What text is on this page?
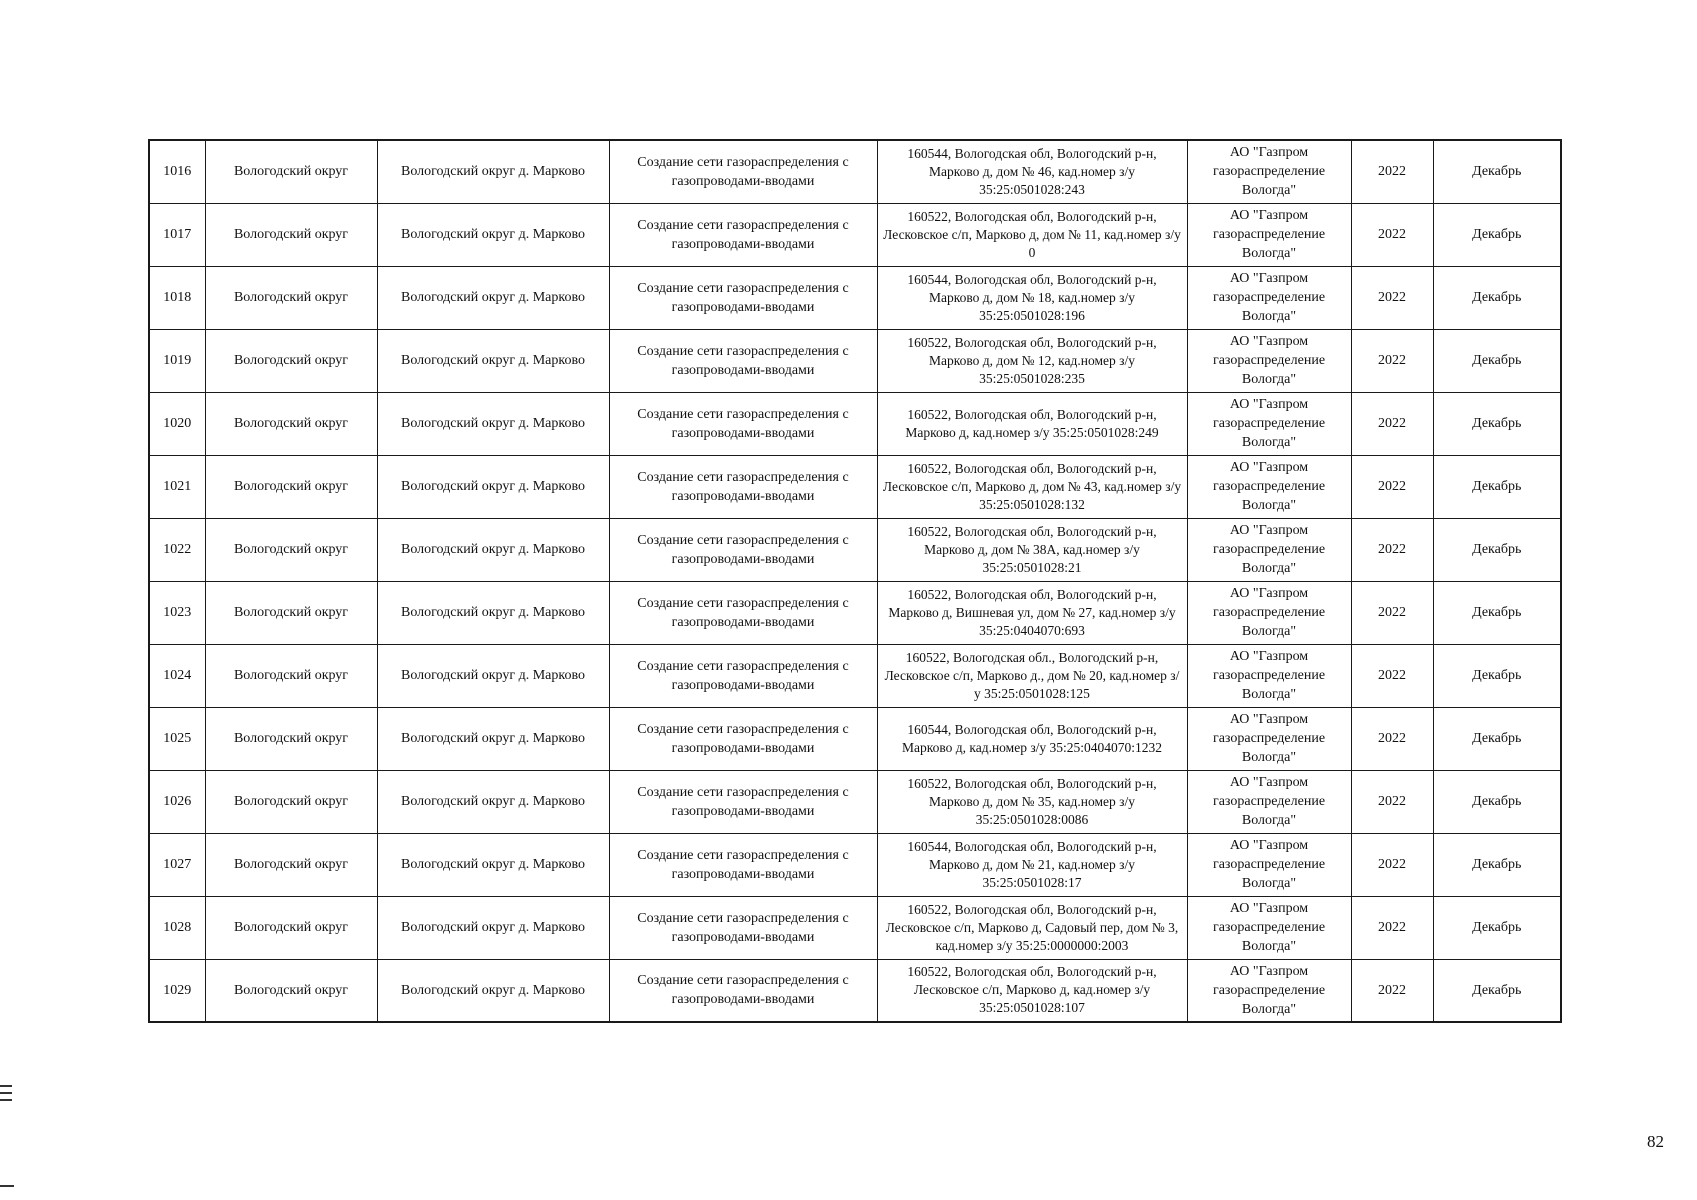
1016	Вологодский округ	Вологодский округ д. Марково	Создание сети газораспределения с газопроводами-вводами	160544, Вологодская обл, Вологодский р-н, Марково д, дом № 46, кад.номер з/у 35:25:0501028:243	АО "Газпром газораспределение Вологда"	2022	Декабрь
1017	Вологодский округ	Вологодский округ д. Марково	Создание сети газораспределения с газопроводами-вводами	160522, Вологодская обл, Вологодский р-н, Лесковское с/п, Марково д, дом № 11, кад.номер з/у 0	АО "Газпром газораспределение Вологда"	2022	Декабрь
1018	Вологодский округ	Вологодский округ д. Марково	Создание сети газораспределения с газопроводами-вводами	160544, Вологодская обл, Вологодский р-н, Марково д, дом № 18, кад.номер з/у 35:25:0501028:196	АО "Газпром газораспределение Вологда"	2022	Декабрь
1019	Вологодский округ	Вологодский округ д. Марково	Создание сети газораспределения с газопроводами-вводами	160522, Вологодская обл, Вологодский р-н, Марково д, дом № 12, кад.номер з/у 35:25:0501028:235	АО "Газпром газораспределение Вологда"	2022	Декабрь
1020	Вологодский округ	Вологодский округ д. Марково	Создание сети газораспределения с газопроводами-вводами	160522, Вологодская обл, Вологодский р-н, Марково д, кад.номер з/у 35:25:0501028:249	АО "Газпром газораспределение Вологда"	2022	Декабрь
1021	Вологодский округ	Вологодский округ д. Марково	Создание сети газораспределения с газопроводами-вводами	160522, Вологодская обл, Вологодский р-н, Лесковское с/п, Марково д, дом № 43, кад.номер з/у 35:25:0501028:132	АО "Газпром газораспределение Вологда"	2022	Декабрь
1022	Вологодский округ	Вологодский округ д. Марково	Создание сети газораспределения с газопроводами-вводами	160522, Вологодская обл, Вологодский р-н, Марково д, дом № 38А, кад.номер з/у 35:25:0501028:21	АО "Газпром газораспределение Вологда"	2022	Декабрь
1023	Вологодский округ	Вологодский округ д. Марково	Создание сети газораспределения с газопроводами-вводами	160522, Вологодская обл, Вологодский р-н, Марково д, Вишневая ул, дом № 27, кад.номер з/у 35:25:0404070:693	АО "Газпром газораспределение Вологда"	2022	Декабрь
1024	Вологодский округ	Вологодский округ д. Марково	Создание сети газораспределения с газопроводами-вводами	160522, Вологодская обл., Вологодский р-н, Лесковское с/п, Марково д., дом № 20, кад.номер з/у 35:25:0501028:125	АО "Газпром газораспределение Вологда"	2022	Декабрь
1025	Вологодский округ	Вологодский округ д. Марково	Создание сети газораспределения с газопроводами-вводами	160544, Вологодская обл, Вологодский р-н, Марково д, кад.номер з/у 35:25:0404070:1232	АО "Газпром газораспределение Вологда"	2022	Декабрь
1026	Вологодский округ	Вологодский округ д. Марково	Создание сети газораспределения с газопроводами-вводами	160522, Вологодская обл, Вологодский р-н, Марково д, дом № 35, кад.номер з/у 35:25:0501028:0086	АО "Газпром газораспределение Вологда"	2022	Декабрь
1027	Вологодский округ	Вологодский округ д. Марково	Создание сети газораспределения с газопроводами-вводами	160544, Вологодская обл, Вологодский р-н, Марково д, дом № 21, кад.номер з/у 35:25:0501028:17	АО "Газпром газораспределение Вологда"	2022	Декабрь
1028	Вологодский округ	Вологодский округ д. Марково	Создание сети газораспределения с газопроводами-вводами	160522, Вологодская обл, Вологодский р-н, Лесковское с/п, Марково д, Садовый пер, дом № 3, кад.номер з/у 35:25:0000000:2003	АО "Газпром газораспределение Вологда"	2022	Декабрь
1029	Вологодский округ	Вологодский округ д. Марково	Создание сети газораспределения с газопроводами-вводами	160522, Вологодская обл, Вологодский р-н, Лесковское с/п, Марково д, кад.номер з/у 35:25:0501028:107	АО "Газпром газораспределение Вологда"	2022	Декабрь
82
